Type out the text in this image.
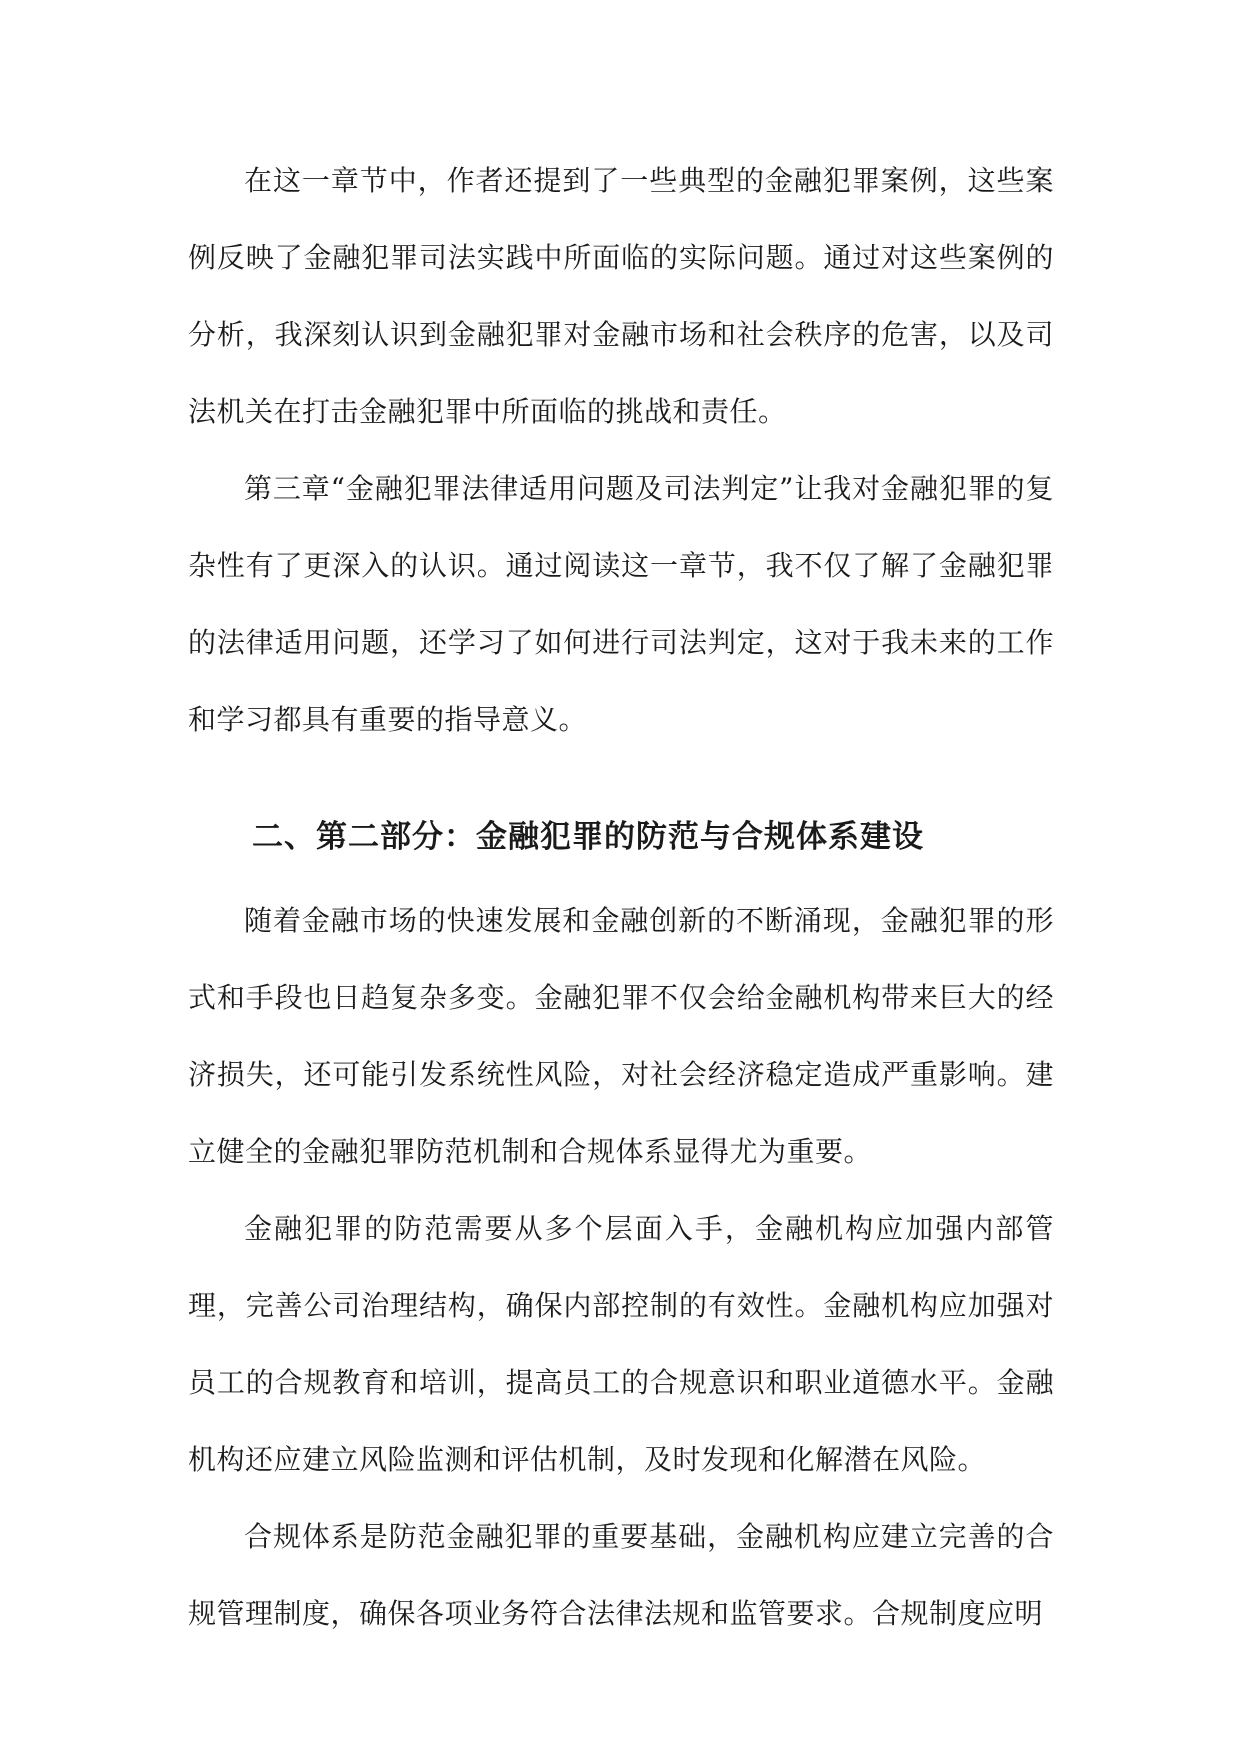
在这一章节中，作者还提到了一些典型的金融犯罪案例，这些案例反映了金融犯罪司法实践中所面临的实际问题。通过对这些案例的分析，我深刻认识到金融犯罪对金融市场和社会秩序的危害，以及司法机关在打击金融犯罪中所面临的挑战和责任。

第三章“金融犯罪法律适用问题及司法判定”让我对金融犯罪的复杂性有了更深入的认识。通过阅读这一章节，我不仅了解了金融犯罪的法律适用问题，还学习了如何进行司法判定，这对于我未来的工作和学习都具有重要的指导意义。

二、第二部分：金融犯罪的防范与合规体系建设

随着金融市场的快速发展和金融创新的不断涌现，金融犯罪的形式和手段也日趋复杂多变。金融犯罪不仅会给金融机构带来巨大的经济损失，还可能引发系统性风险，对社会经济稳定造成严重影响。建立健全的金融犯罪防范机制和合规体系显得尤为重要。

金融犯罪的防范需要从多个层面入手，金融机构应加强内部管理，完善公司治理结构，确保内部控制的有效性。金融机构应加强对员工的合规教育和培训，提高员工的合规意识和职业道德水平。金融机构还应建立风险监测和评估机制，及时发现和化解潜在风险。

合规体系是防范金融犯罪的重要基础，金融机构应建立完善的合规管理制度，确保各项业务符合法律法规和监管要求。合规制度应明
